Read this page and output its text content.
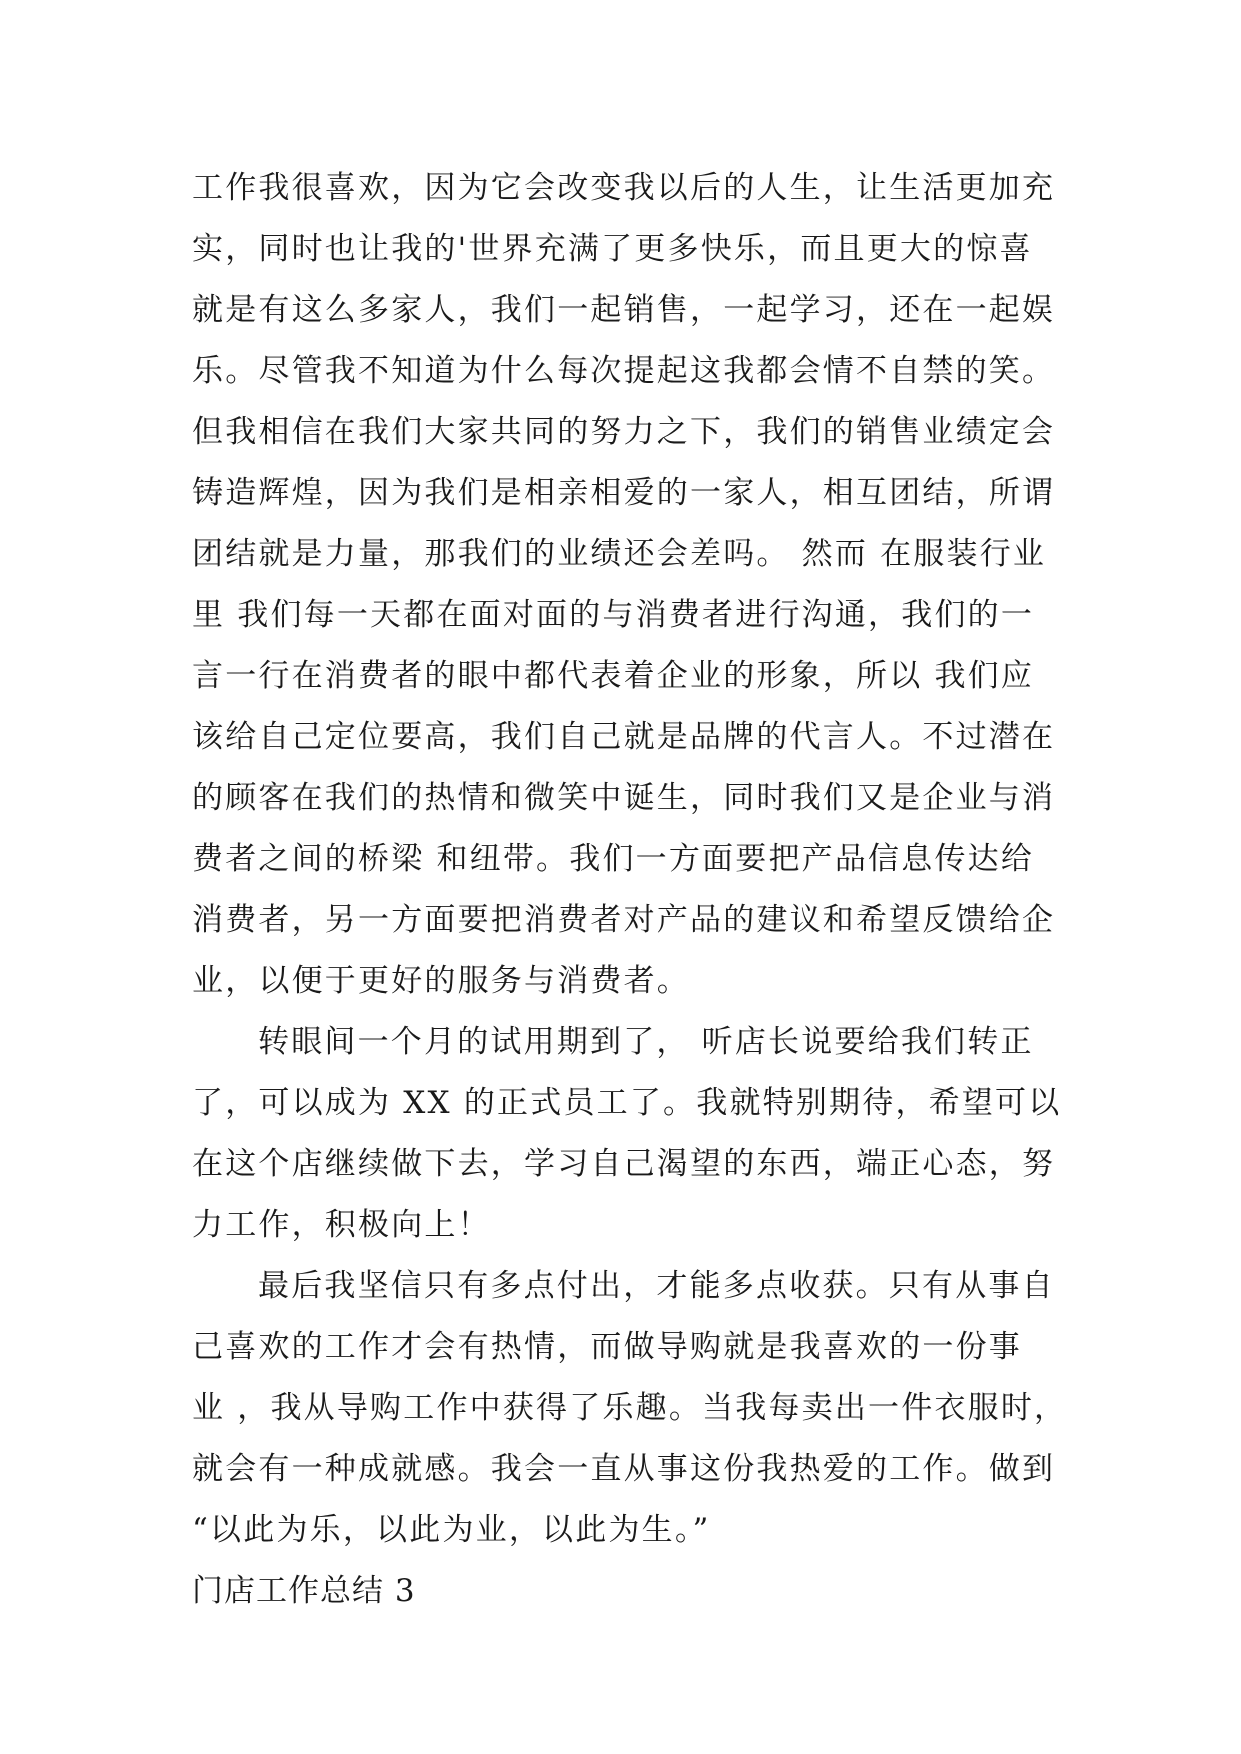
工作我很喜欢，因为它会改变我以后的人生，让生活更加充
实，同时也让我的'世界充满了更多快乐，而且更大的惊喜
就是有这么多家人，我们一起销售，一起学习，还在一起娱
乐。尽管我不知道为什么每次提起这我都会情不自禁的笑。
但我相信在我们大家共同的努力之下，我们的销售业绩定会
铸造辉煌，因为我们是相亲相爱的一家人，相互团结，所谓
团结就是力量，那我们的业绩还会差吗。 然而 在服装行业
里 我们每一天都在面对面的与消费者进行沟通，我们的一
言一行在消费者的眼中都代表着企业的形象，所以 我们应
该给自己定位要高，我们自己就是品牌的代言人。不过潜在
的顾客在我们的热情和微笑中诞生，同时我们又是企业与消
费者之间的桥梁 和纽带。我们一方面要把产品信息传达给
消费者，另一方面要把消费者对产品的建议和希望反馈给企
业，以便于更好的服务与消费者。
转眼间一个月的试用期到了， 听店长说要给我们转正
了，可以成为 XX 的正式员工了。我就特别期待，希望可以
在这个店继续做下去，学习自己渴望的东西，端正心态，努
力工作，积极向上！
最后我坚信只有多点付出，才能多点收获。只有从事自
己喜欢的工作才会有热情，而做导购就是我喜欢的一份事
业 ，我从导购工作中获得了乐趣。当我每卖出一件衣服时，
就会有一种成就感。我会一直从事这份我热爱的工作。做到
“以此为乐，以此为业，以此为生。”
门店工作总结 3
